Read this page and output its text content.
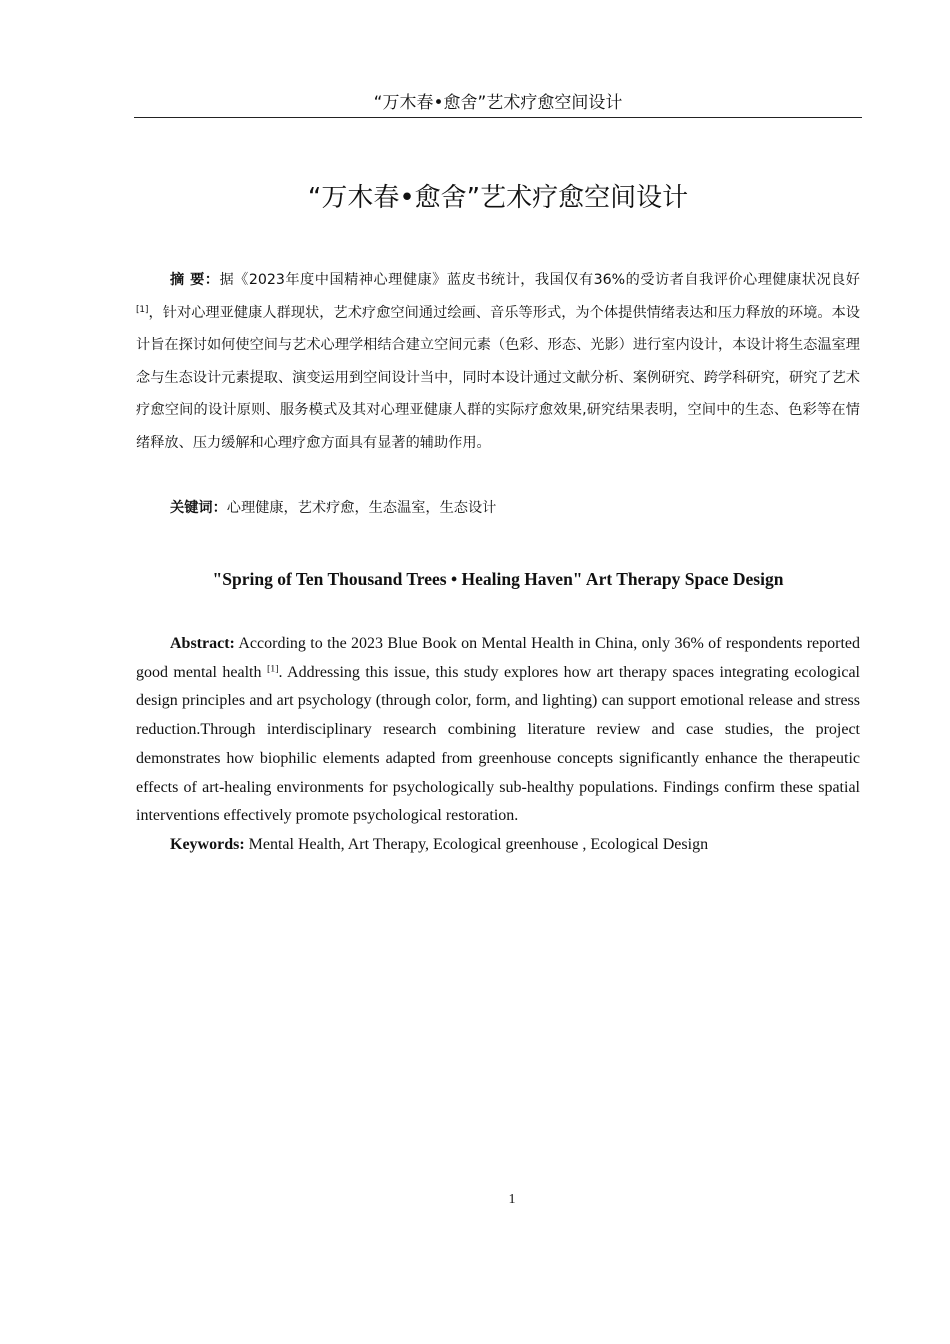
“万木春•愈舍”艺术疗愈空间设计
“万木春•愈舍”艺术疗愈空间设计

摘 要：据《2023年度中国精神心理健康》蓝皮书统计，我国仅有36%的受访者自我评价心理健康状况良好[1]，针对心理亚健康人群现状，艺术疗愈空间通过绘画、音乐等形式，为个体提供情绪表达和压力释放的环境。本设计旨在探讨如何使空间与艺术心理学相结合建立空间元素（色彩、形态、光影）进行室内设计，本设计将生态温室理念与生态设计元素提取、演变运用到空间设计当中，同时本设计通过文献分析、案例研究、跨学科研究，研究了艺术疗愈空间的设计原则、服务模式及其对心理亚健康人群的实际疗愈效果,研究结果表明，空间中的生态、色彩等在情绪释放、压力缓解和心理疗愈方面具有显著的辅助作用。

关键词：心理健康，艺术疗愈，生态温室，生态设计

"Spring of Ten Thousand Trees • Healing Haven" Art Therapy Space Design

Abstract: According to the 2023 Blue Book on Mental Health in China, only 36% of respondents reported good mental health [1]. Addressing this issue, this study explores how art therapy spaces integrating ecological design principles and art psychology (through color, form, and lighting) can support emotional release and stress reduction.Through interdisciplinary research combining literature review and case studies, the project demonstrates how biophilic elements adapted from greenhouse concepts significantly enhance the therapeutic effects of art-healing environments for psychologically sub-healthy populations. Findings confirm these spatial interventions effectively promote psychological restoration.

Keywords: Mental Health, Art Therapy, Ecological greenhouse , Ecological Design

1
